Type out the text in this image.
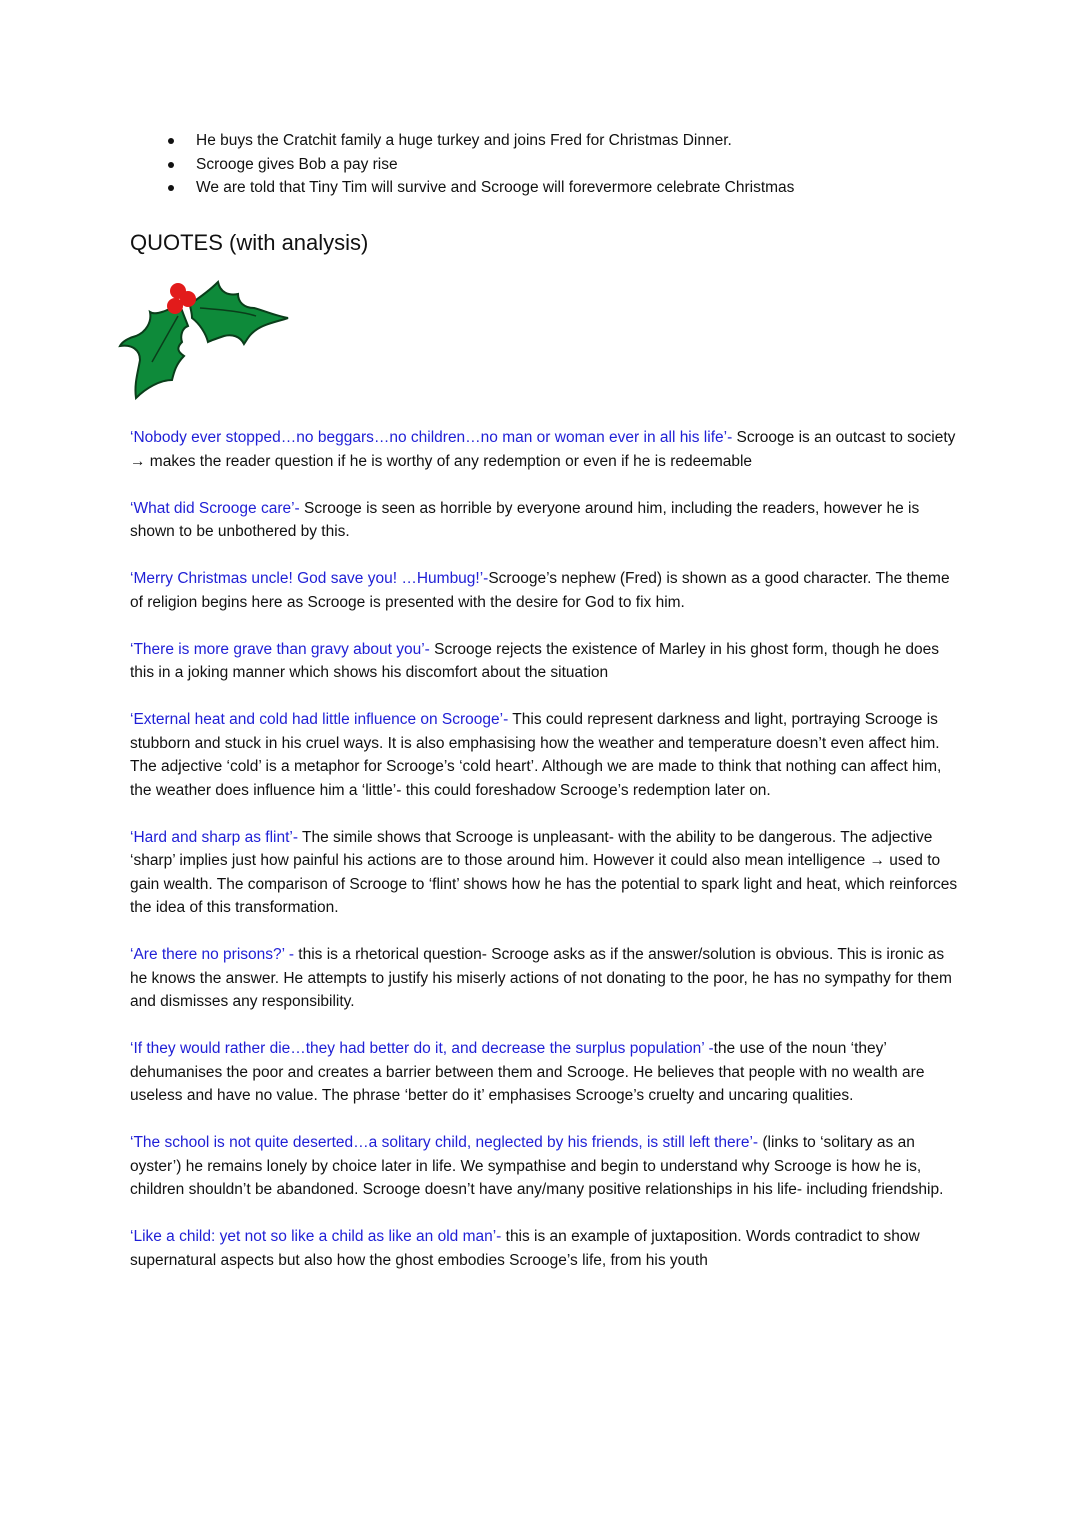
He buys the Cratchit family a huge turkey and joins Fred for Christmas Dinner.
Scrooge gives Bob a pay rise
We are told that Tiny Tim will survive and Scrooge will forevermore celebrate Christmas
QUOTES (with analysis)

‘Nobody ever stopped…no beggars…no children…no man or woman ever in all his life’- Scrooge is an outcast to society → makes the reader question if he is worthy of any redemption or even if he is redeemable

‘What did Scrooge care’- Scrooge is seen as horrible by everyone around him, including the readers, however he is shown to be unbothered by this.

‘Merry Christmas uncle! God save you! …Humbug!’-Scrooge’s nephew (Fred) is shown as a good character. The theme of religion begins here as Scrooge is presented with the desire for God to fix him.

‘There is more grave than gravy about you’- Scrooge rejects the existence of Marley in his ghost form, though he does this in a joking manner which shows his discomfort about the situation

‘External heat and cold had little influence on Scrooge’- This could represent darkness and light, portraying Scrooge is stubborn and stuck in his cruel ways. It is also emphasising how the weather and temperature doesn’t even affect him. The adjective ‘cold’ is a metaphor for Scrooge’s ‘cold heart’. Although we are made to think that nothing can affect him, the weather does influence him a ‘little’- this could foreshadow Scrooge’s redemption later on.

‘Hard and sharp as flint’- The simile shows that Scrooge is unpleasant- with the ability to be dangerous. The adjective ‘sharp’ implies just how painful his actions are to those around him. However it could also mean intelligence → used to gain wealth. The comparison of Scrooge to ‘flint’ shows how he has the potential to spark light and heat, which reinforces the idea of this transformation.

‘Are there no prisons?’ - this is a rhetorical question- Scrooge asks as if the answer/solution is obvious. This is ironic as he knows the answer. He attempts to justify his miserly actions of not donating to the poor, he has no sympathy for them and dismisses any responsibility.

‘If they would rather die…they had better do it, and decrease the surplus population’ -the use of the noun ‘they’ dehumanises the poor and creates a barrier between them and Scrooge. He believes that people with no wealth are useless and have no value. The phrase ‘better do it’ emphasises Scrooge’s cruelty and uncaring qualities.

‘The school is not quite deserted…a solitary child, neglected by his friends, is still left there’- (links to ‘solitary as an oyster’) he remains lonely by choice later in life. We sympathise and begin to understand why Scrooge is how he is, children shouldn’t be abandoned. Scrooge doesn’t have any/many positive relationships in his life- including friendship.

‘Like a child: yet not so like a child as like an old man’- this is an example of juxtaposition. Words contradict to show supernatural aspects but also how the ghost embodies Scrooge’s life, from his youth
